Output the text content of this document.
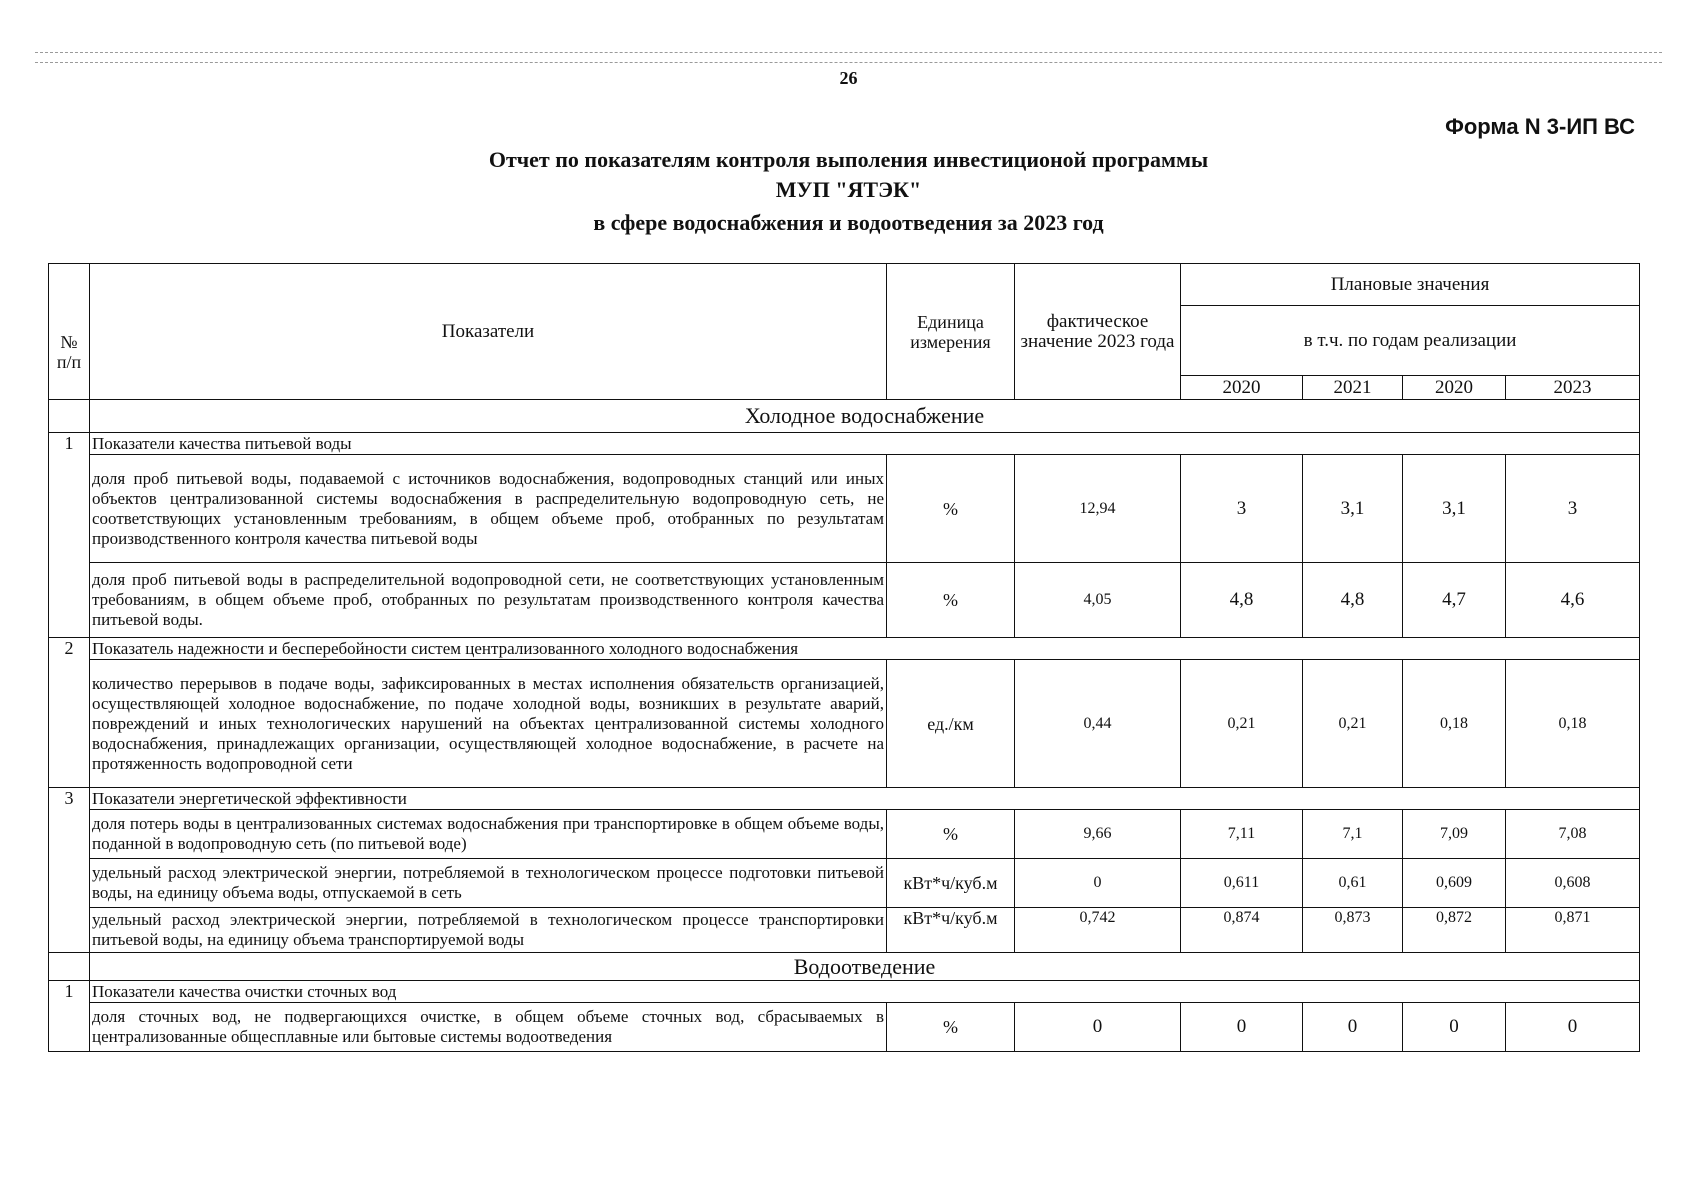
26
Форма N 3-ИП ВС
Отчет по показателям контроля выполения инвестиционой программы
МУП "ЯТЭК"
в сфере водоснабжения и водоотведения за 2023 год
№ п/п	Показатели	Единица измерения	фактическое значение 2023 года	Плановые значения			
				в т.ч. по годам реализации			
				2020	2021	2020	2023
	Холодное водоснабжение						
1	Показатели качества питьевой воды						
	доля проб питьевой воды, подаваемой с источников водоснабжения, водопроводных станций или иных объектов централизованной системы водоснабжения в распределительную водопроводную сеть, не соответствующих установленным требованиям, в общем объеме проб, отобранных по результатам производственного контроля качества питьевой воды	%	12,94	3	3,1	3,1	3
	доля проб питьевой воды в распределительной водопроводной сети, не соответствующих установленным требованиям, в общем объеме проб, отобранных по результатам производственного контроля качества питьевой воды.	%	4,05	4,8	4,8	4,7	4,6
2	Показатель надежности и бесперебойности систем централизованного холодного водоснабжения						
	количество перерывов в подаче воды, зафиксированных в местах исполнения обязательств организацией, осуществляющей холодное водоснабжение, по подаче холодной воды, возникших в результате аварий, повреждений и иных технологических нарушений на объектах централизованной системы холодного водоснабжения, принадлежащих организации, осуществляющей холодное водоснабжение, в расчете на протяженность водопроводной сети	ед./км	0,44	0,21	0,21	0,18	0,18
3	Показатели энергетической эффективности						
	доля потерь воды в централизованных системах водоснабжения при транспортировке в общем объеме воды, поданной в водопроводную сеть (по питьевой воде)	%	9,66	7,11	7,1	7,09	7,08
	удельный расход электрической энергии, потребляемой в технологическом процессе подготовки питьевой воды, на единицу объема воды, отпускаемой в сеть	кВт*ч/куб.м	0	0,611	0,61	0,609	0,608
	удельный расход электрической энергии, потребляемой в технологическом процессе транспортировки питьевой воды, на единицу объема транспортируемой воды	кВт*ч/куб.м	0,742	0,874	0,873	0,872	0,871
	Водоотведение						
1	Показатели качества очистки сточных вод						
	доля сточных вод, не подвергающихся очистке, в общем объеме сточных вод, сбрасываемых в централизованные общесплавные или бытовые системы водоотведения	%	0	0	0	0	0
